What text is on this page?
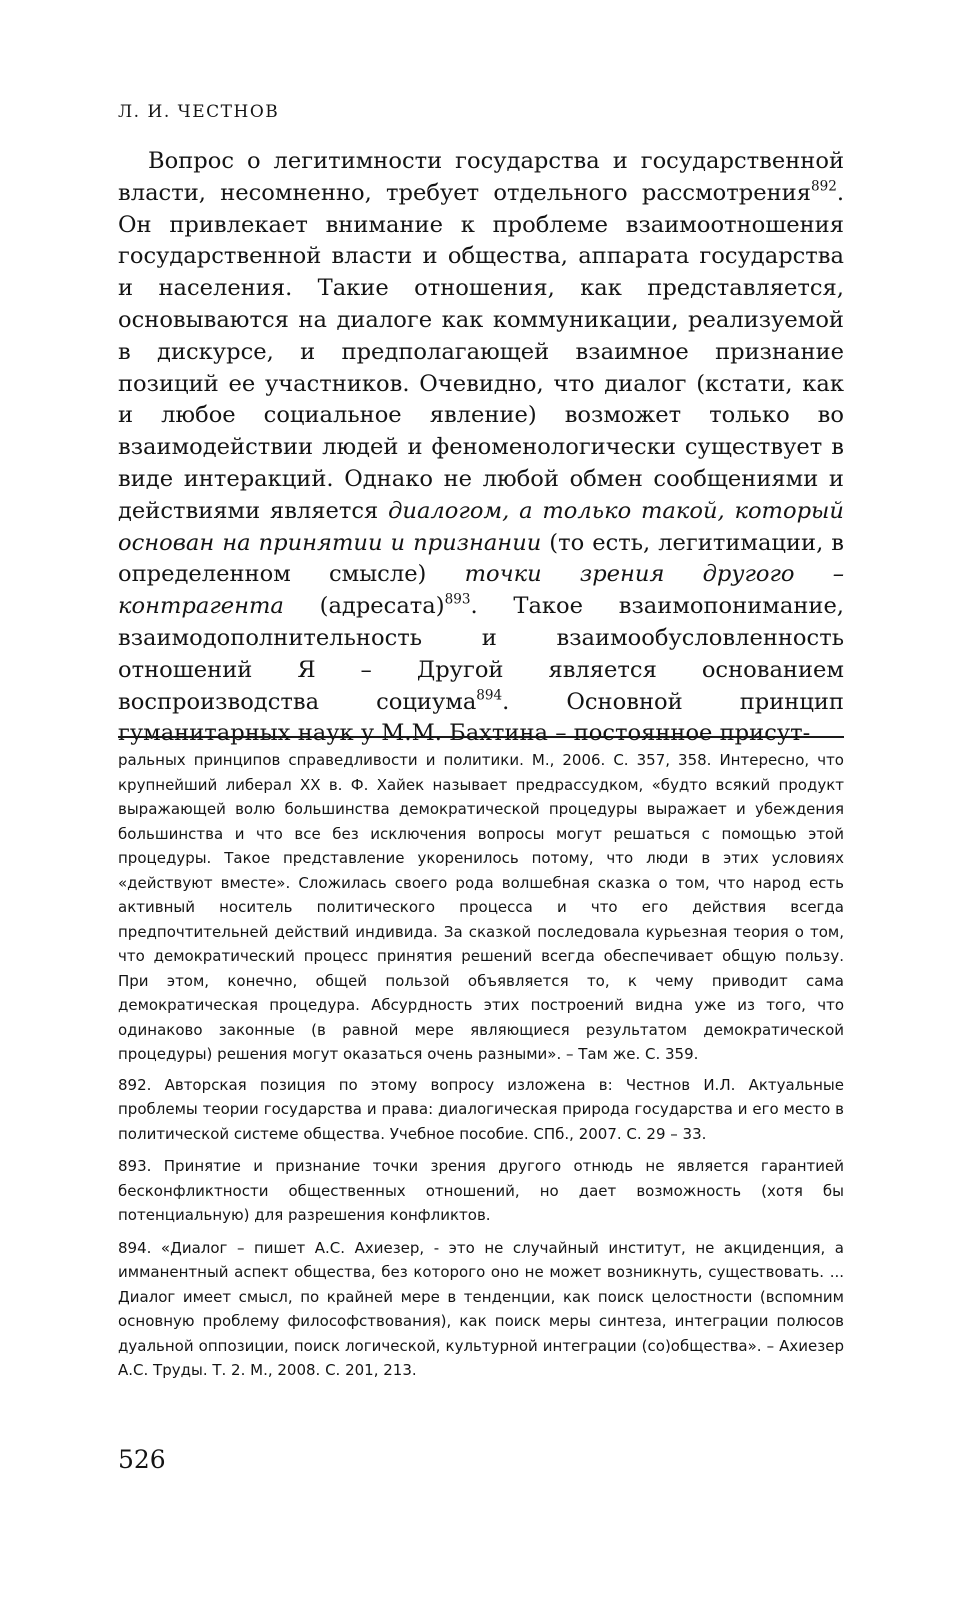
Л. И. ЧЕСТНОВ

Вопрос о легитимности государства и государственной власти, несомненно, требует отдельного рассмотрения$^{892}$. Он привлекает внимание к проблеме взаимоотношения государственной власти и общества, аппарата государства и населения. Такие отношения, как представляется, основываются на диалоге как коммуникации, реализуемой в дискурсе, и предполагающей взаимное признание позиций ее участников. Очевидно, что диалог (кстати, как и любое социальное явление) возможет только во взаимодействии людей и феноменологически существует в виде интеракций. Однако не любой обмен сообщениями и действиями является диалогом, а только такой, который основан на принятии и признании (то есть, легитимации, в определенном смысле) точки зрения другого – контрагента (адресата)$^{893}$. Такое взаимопонимание, взаимодополнительность и взаимообусловленность отношений Я – Другой является основанием воспроизводства социума$^{894}$. Основной принцип гуманитарных наук у М.М. Бахтина – постоянное присут-

ральных принципов справедливости и политики. М., 2006. С. 357, 358. Интересно, что крупнейший либерал XX в. Ф. Хайек называет предрассудком, «будто всякий продукт выражающей волю большинства демократической процедуры выражает и убеждения большинства и что все без исключения вопросы могут решаться с помощью этой процедуры. Такое представление укоренилось потому, что люди в этих условиях «действуют вместе». Сложилась своего рода волшебная сказка о том, что народ есть активный носитель политического процесса и что его действия всегда предпочтительней действий индивида. За сказкой последовала курьезная теория о том, что демократический процесс принятия решений всегда обеспечивает общую пользу. При этом, конечно, общей пользой объявляется то, к чему приводит сама демократическая процедура. Абсурдность этих построений видна уже из того, что одинаково законные (в равной мере являющиеся результатом демократической процедуры) решения могут оказаться очень разными». – Там же. С. 359.

892. Авторская позиция по этому вопросу изложена в: Честнов И.Л. Актуальные проблемы теории государства и права: диалогическая природа государства и его место в политической системе общества. Учебное пособие. СПб., 2007. С. 29 – 33.

893. Принятие и признание точки зрения другого отнюдь не является гарантией бесконфликтности общественных отношений, но дает возможность (хотя бы потенциальную) для разрешения конфликтов.

894. «Диалог – пишет А.С. Ахиезер, - это не случайный институт, не акциденция, а имманентный аспект общества, без которого оно не может возникнуть, существовать. ... Диалог имеет смысл, по крайней мере в тенденции, как поиск целостности (вспомним основную проблему философствования), как поиск меры синтеза, интеграции полюсов дуальной оппозиции, поиск логической, культурной интеграции (со)общества». – Ахиезер А.С. Труды. Т. 2. М., 2008. С. 201, 213.

526
